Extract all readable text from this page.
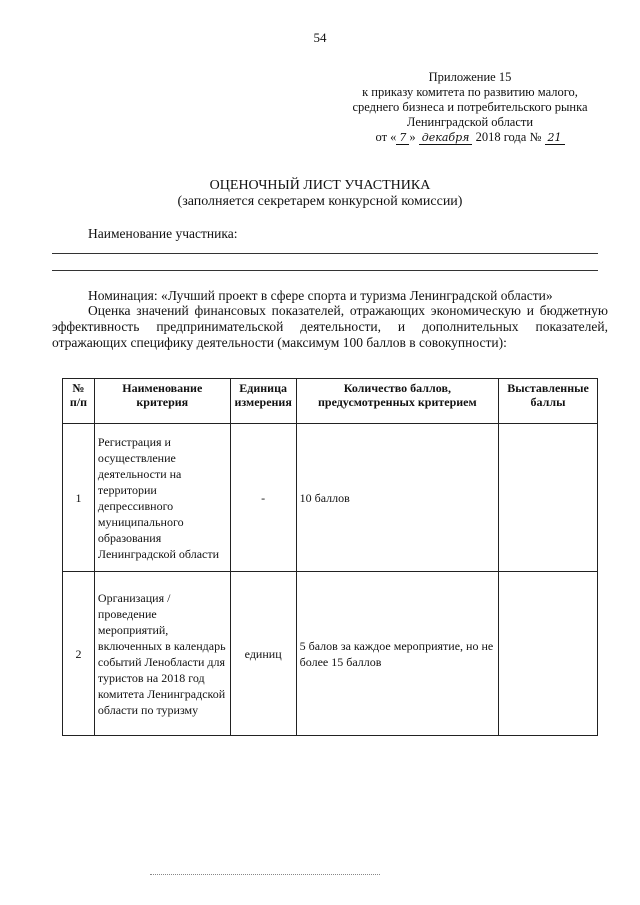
54
Приложение 15
к приказу комитета по развитию малого,
среднего бизнеса и потребительского рынка
Ленинградской области
от « 7 » декабря 2018 года № 21
ОЦЕНОЧНЫЙ ЛИСТ УЧАСТНИКА
(заполняется секретарем конкурсной комиссии)
Наименование участника:
Номинация: «Лучший проект в сфере спорта и туризма Ленинградской области»
Оценка значений финансовых показателей, отражающих экономическую и бюджетную эффективность предпринимательской деятельности, и дополнительных показателей, отражающих специфику деятельности (максимум 100 баллов в совокупности):
№ п/п	Наименование критерия	Единица измерения	Количество баллов, предусмотренных критерием	Выставленные баллы
1	Регистрация и осуществление деятельности на территории депрессивного муниципального образования Ленинградской области	-	10 баллов	
2	Организация /проведение мероприятий, включенных в календарь событий Ленобласти для туристов на 2018 год комитета Ленинградской области по туризму	единиц	5 балов за каждое мероприятие, но не более 15 баллов	
